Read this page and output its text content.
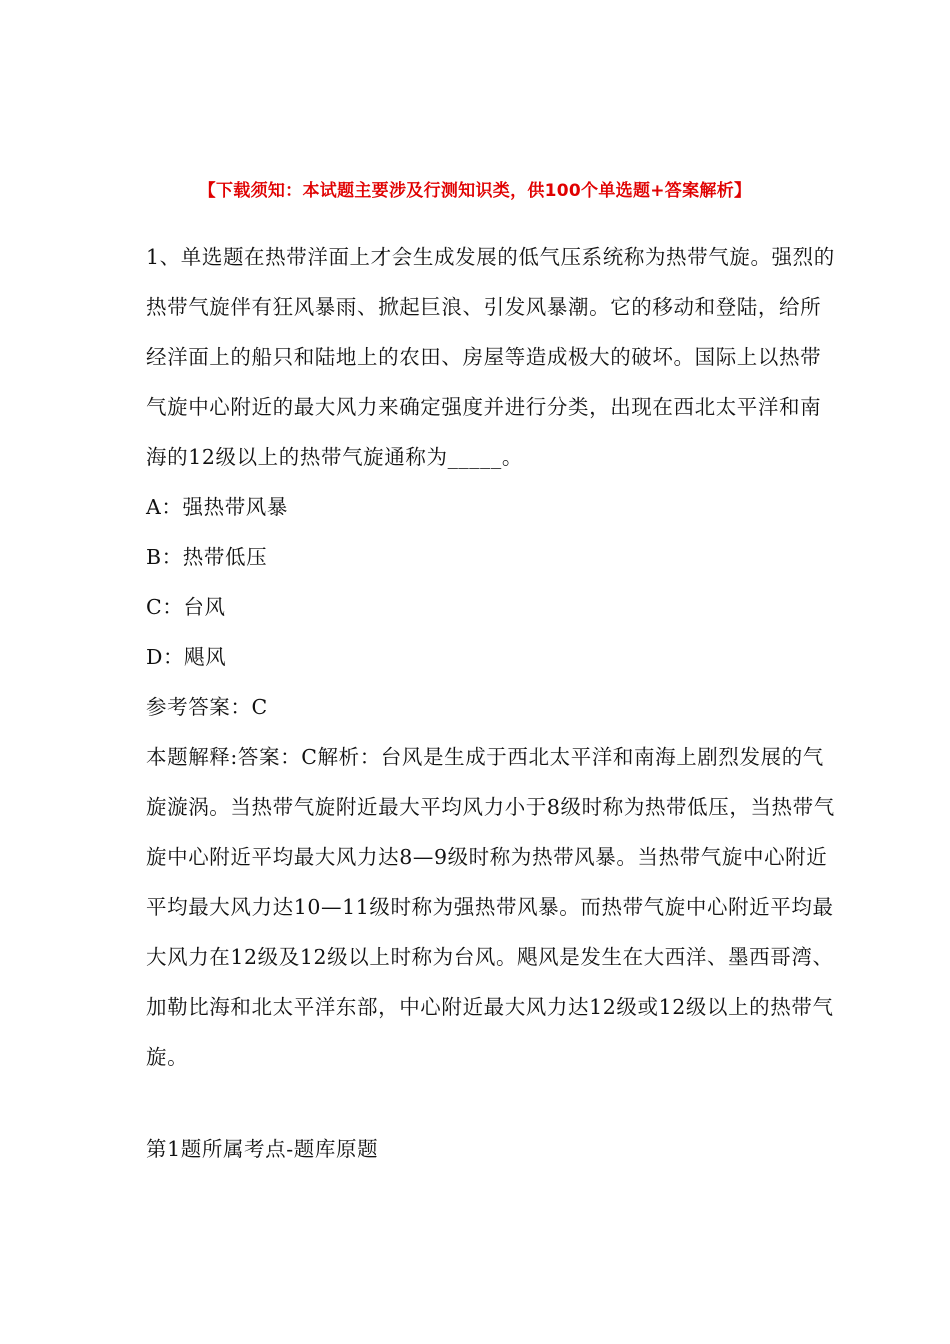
【下载须知：本试题主要涉及行测知识类，供100个单选题+答案解析】

1、单选题在热带洋面上才会生成发展的低气压系统称为热带气旋。强烈的热带气旋伴有狂风暴雨、掀起巨浪、引发风暴潮。它的移动和登陆，给所经洋面上的船只和陆地上的农田、房屋等造成极大的破坏。国际上以热带气旋中心附近的最大风力来确定强度并进行分类，出现在西北太平洋和南海的12级以上的热带气旋通称为_____。

A：强热带风暴

B：热带低压

C：台风

D：飓风

参考答案：C

本题解释:答案：C解析：台风是生成于西北太平洋和南海上剧烈发展的气旋漩涡。当热带气旋附近最大平均风力小于8级时称为热带低压，当热带气旋中心附近平均最大风力达8—9级时称为热带风暴。当热带气旋中心附近平均最大风力达10—11级时称为强热带风暴。而热带气旋中心附近平均最大风力在12级及12级以上时称为台风。飓风是发生在大西洋、墨西哥湾、加勒比海和北太平洋东部，中心附近最大风力达12级或12级以上的热带气旋。

第1题所属考点-题库原题
